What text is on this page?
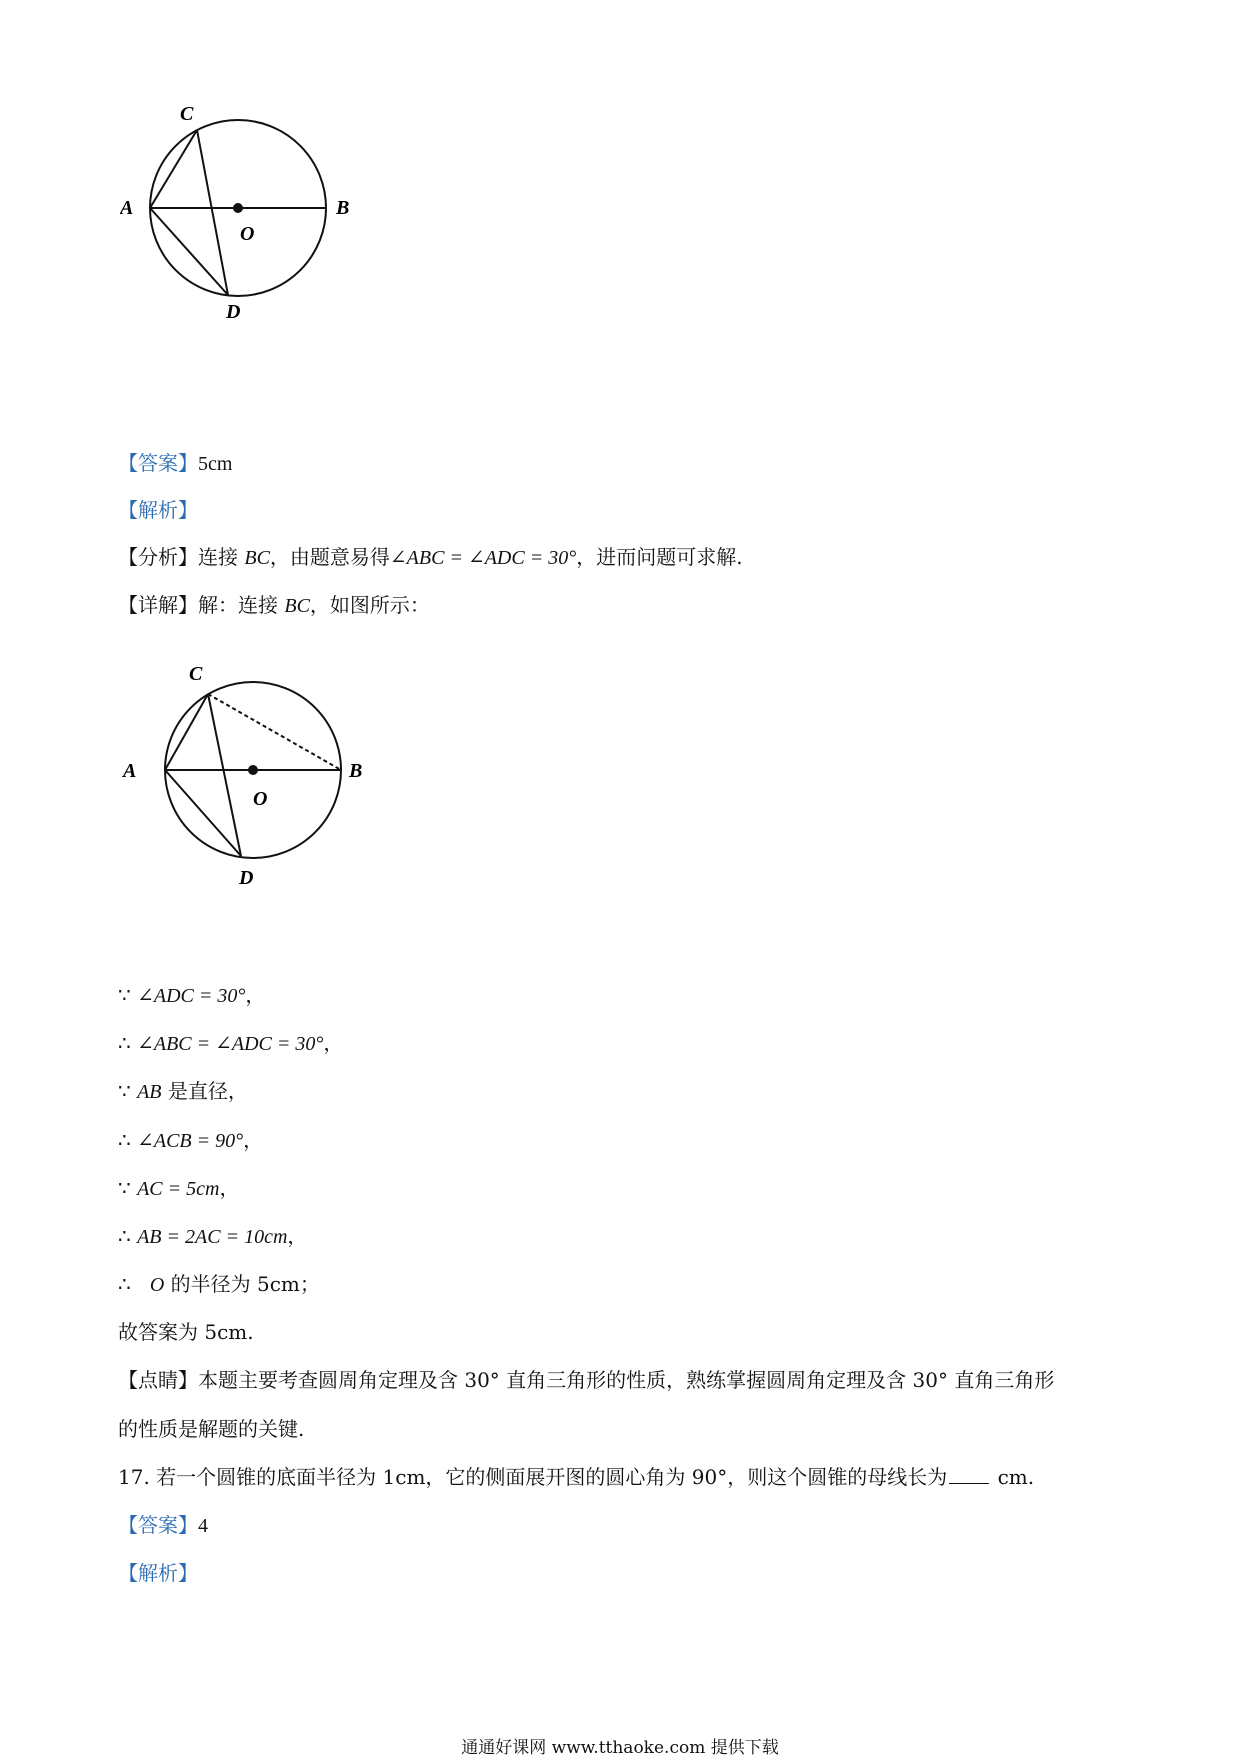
C
A	B
O
D
【答案】5cm
【解析】
【分析】连接 BC，由题意易得∠ABC = ∠ADC = 30°，进而问题可求解.
【详解】解：连接 BC，如图所示：
C
A	B
O
D
∵ ∠ADC = 30°，
∴ ∠ABC = ∠ADC = 30°，
∵ AB 是直径，
∴ ∠ACB = 90°，
∵ AC = 5cm，
∴ AB = 2AC = 10cm，
∴ O 的半径为 5cm；
故答案为 5cm.
【点睛】本题主要考查圆周角定理及含 30° 直角三角形的性质，熟练掌握圆周角定理及含 30° 直角三角形
的性质是解题的关键.
17. 若一个圆锥的底面半径为 1cm，它的侧面展开图的圆心角为 90°，则这个圆锥的母线长为 cm.
【答案】4
【解析】
通通好课网 www.tthaoke.com 提供下载
